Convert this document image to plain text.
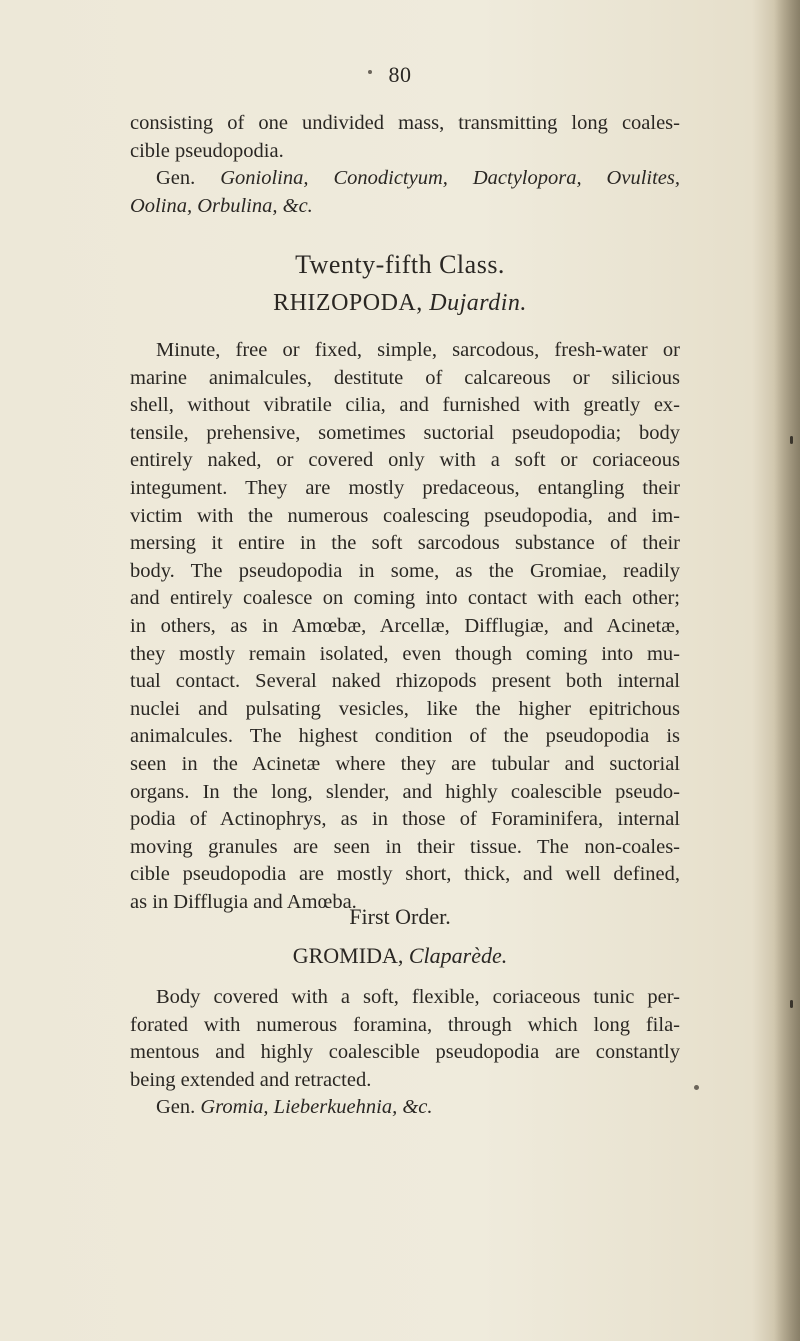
80
consisting of one undivided mass, transmitting long coales-
cible pseudopodia.
Gen. Goniolina, Conodictyum, Dactylopora, Ovulites,
Oolina, Orbulina, &c.
Twenty-fifth Class.
RHIZOPODA, Dujardin.
Minute, free or fixed, simple, sarcodous, fresh-water or
marine animalcules, destitute of calcareous or silicious
shell, without vibratile cilia, and furnished with greatly ex-
tensile, prehensive, sometimes suctorial pseudopodia; body
entirely naked, or covered only with a soft or coriaceous
integument. They are mostly predaceous, entangling their
victim with the numerous coalescing pseudopodia, and im-
mersing it entire in the soft sarcodous substance of their
body. The pseudopodia in some, as the Gromiae, readily
and entirely coalesce on coming into contact with each other;
in others, as in Amœbæ, Arcellæ, Difflugiæ, and Acinetæ,
they mostly remain isolated, even though coming into mu-
tual contact. Several naked rhizopods present both internal
nuclei and pulsating vesicles, like the higher epitrichous
animalcules. The highest condition of the pseudopodia is
seen in the Acinetæ where they are tubular and suctorial
organs. In the long, slender, and highly coalescible pseudo-
podia of Actinophrys, as in those of Foraminifera, internal
moving granules are seen in their tissue. The non-coales-
cible pseudopodia are mostly short, thick, and well defined,
as in Difflugia and Amœba.
First Order.
GROMIDA, Claparède.
Body covered with a soft, flexible, coriaceous tunic per-
forated with numerous foramina, through which long fila-
mentous and highly coalescible pseudopodia are constantly
being extended and retracted.
Gen. Gromia, Lieberkuehnia, &c.
